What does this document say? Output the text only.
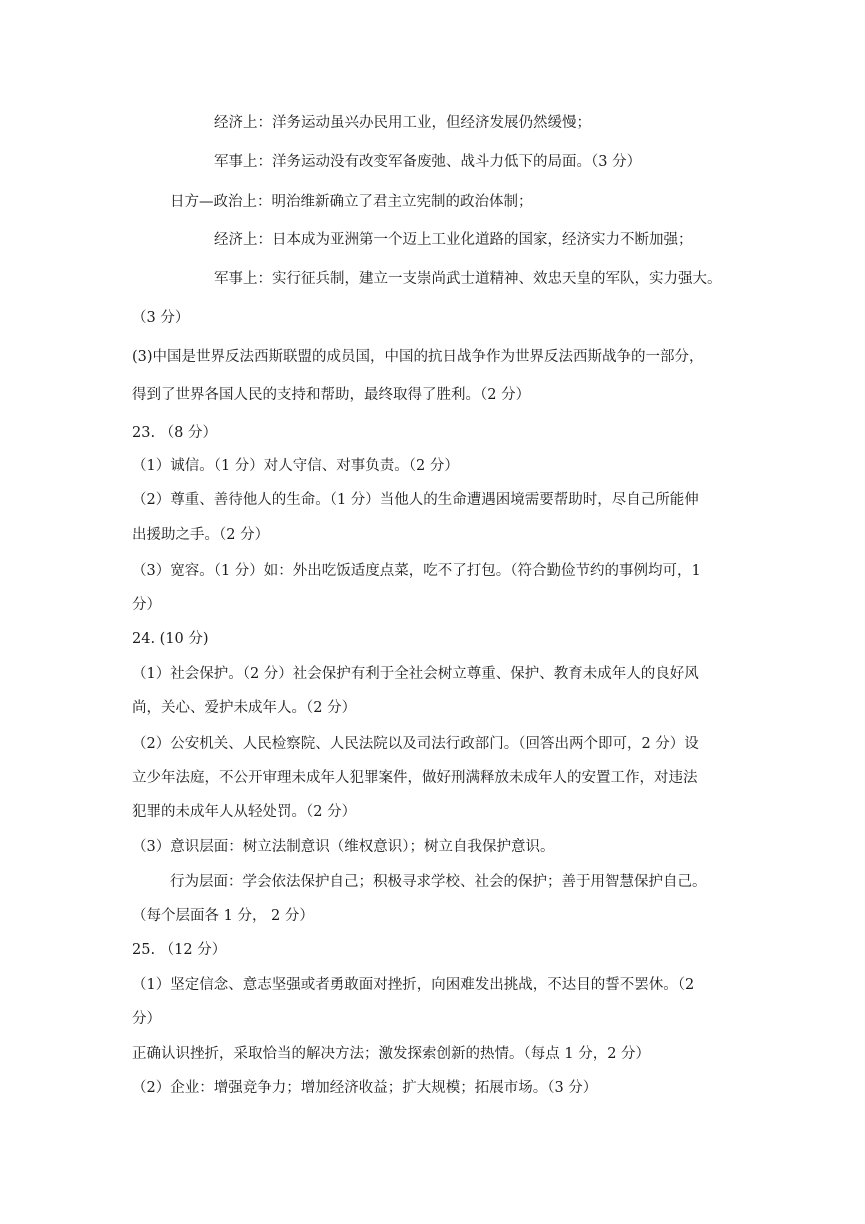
经济上：洋务运动虽兴办民用工业，但经济发展仍然缓慢；
军事上：洋务运动没有改变军备废弛、战斗力低下的局面。（3 分）
日方—政治上：明治维新确立了君主立宪制的政治体制；
经济上：日本成为亚洲第一个迈上工业化道路的国家，经济实力不断加强；
军事上：实行征兵制，建立一支崇尚武士道精神、效忠天皇的军队，实力强大。
（3 分）
(3)中国是世界反法西斯联盟的成员国，中国的抗日战争作为世界反法西斯战争的一部分，
得到了世界各国人民的支持和帮助，最终取得了胜利。（2 分）
23. （8 分）
（1）诚信。（1 分）对人守信、对事负责。（2 分）
（2）尊重、善待他人的生命。（1 分）当他人的生命遭遇困境需要帮助时，尽自己所能伸
出援助之手。（2 分）
（3）宽容。（1 分）如：外出吃饭适度点菜，吃不了打包。（符合勤俭节约的事例均可，1
分）
24. (10 分)
（1）社会保护。（2 分）社会保护有利于全社会树立尊重、保护、教育未成年人的良好风
尚，关心、爱护未成年人。（2 分）
（2）公安机关、人民检察院、人民法院以及司法行政部门。（回答出两个即可，2 分）设
立少年法庭，不公开审理未成年人犯罪案件，做好刑满释放未成年人的安置工作，对违法
犯罪的未成年人从轻处罚。（2 分）
（3）意识层面：树立法制意识（维权意识）；树立自我保护意识。
行为层面：学会依法保护自己；积极寻求学校、社会的保护；善于用智慧保护自己。
（每个层面各 1 分， 2 分）
25. （12 分）
（1）坚定信念、意志坚强或者勇敢面对挫折，向困难发出挑战，不达目的誓不罢休。（2
分）
正确认识挫折，采取恰当的解决方法；激发探索创新的热情。（每点 1 分，2 分）
（2）企业：增强竞争力；增加经济收益；扩大规模；拓展市场。（3 分）
